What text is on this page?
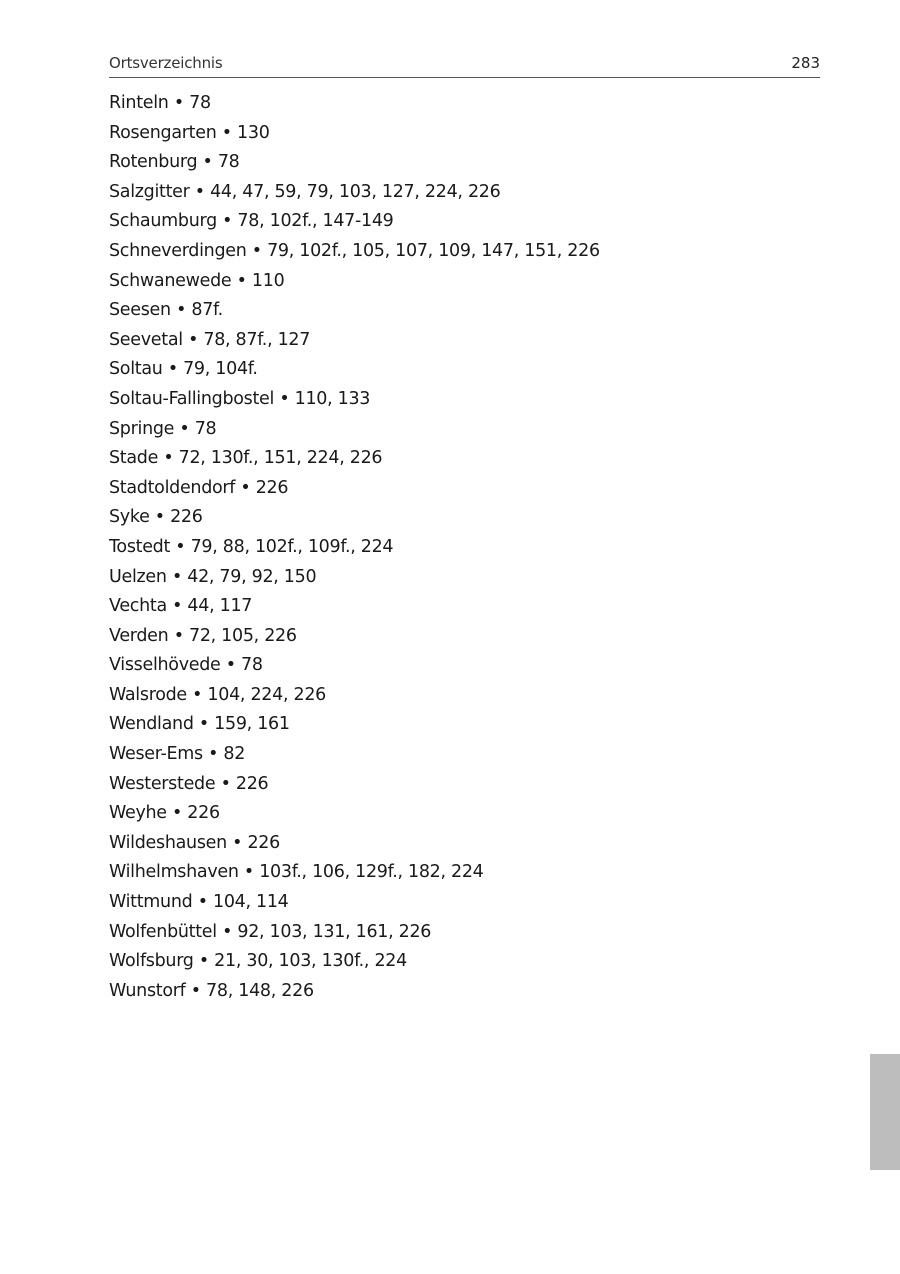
Ortsverzeichnis	283
Rinteln • 78
Rosengarten • 130
Rotenburg • 78
Salzgitter • 44, 47, 59, 79, 103, 127, 224, 226
Schaumburg • 78, 102f., 147-149
Schneverdingen • 79, 102f., 105, 107, 109, 147, 151, 226
Schwanewede • 110
Seesen • 87f.
Seevetal • 78, 87f., 127
Soltau • 79, 104f.
Soltau-Fallingbostel • 110, 133
Springe • 78
Stade • 72, 130f., 151, 224, 226
Stadtoldendorf • 226
Syke • 226
Tostedt • 79, 88, 102f., 109f., 224
Uelzen • 42, 79, 92, 150
Vechta • 44, 117
Verden • 72, 105, 226
Visselhövede • 78
Walsrode • 104, 224, 226
Wendland • 159, 161
Weser-Ems • 82
Westerstede • 226
Weyhe • 226
Wildeshausen • 226
Wilhelmshaven • 103f., 106, 129f., 182, 224
Wittmund • 104, 114
Wolfenbüttel • 92, 103, 131, 161, 226
Wolfsburg • 21, 30, 103, 130f., 224
Wunstorf • 78, 148, 226
